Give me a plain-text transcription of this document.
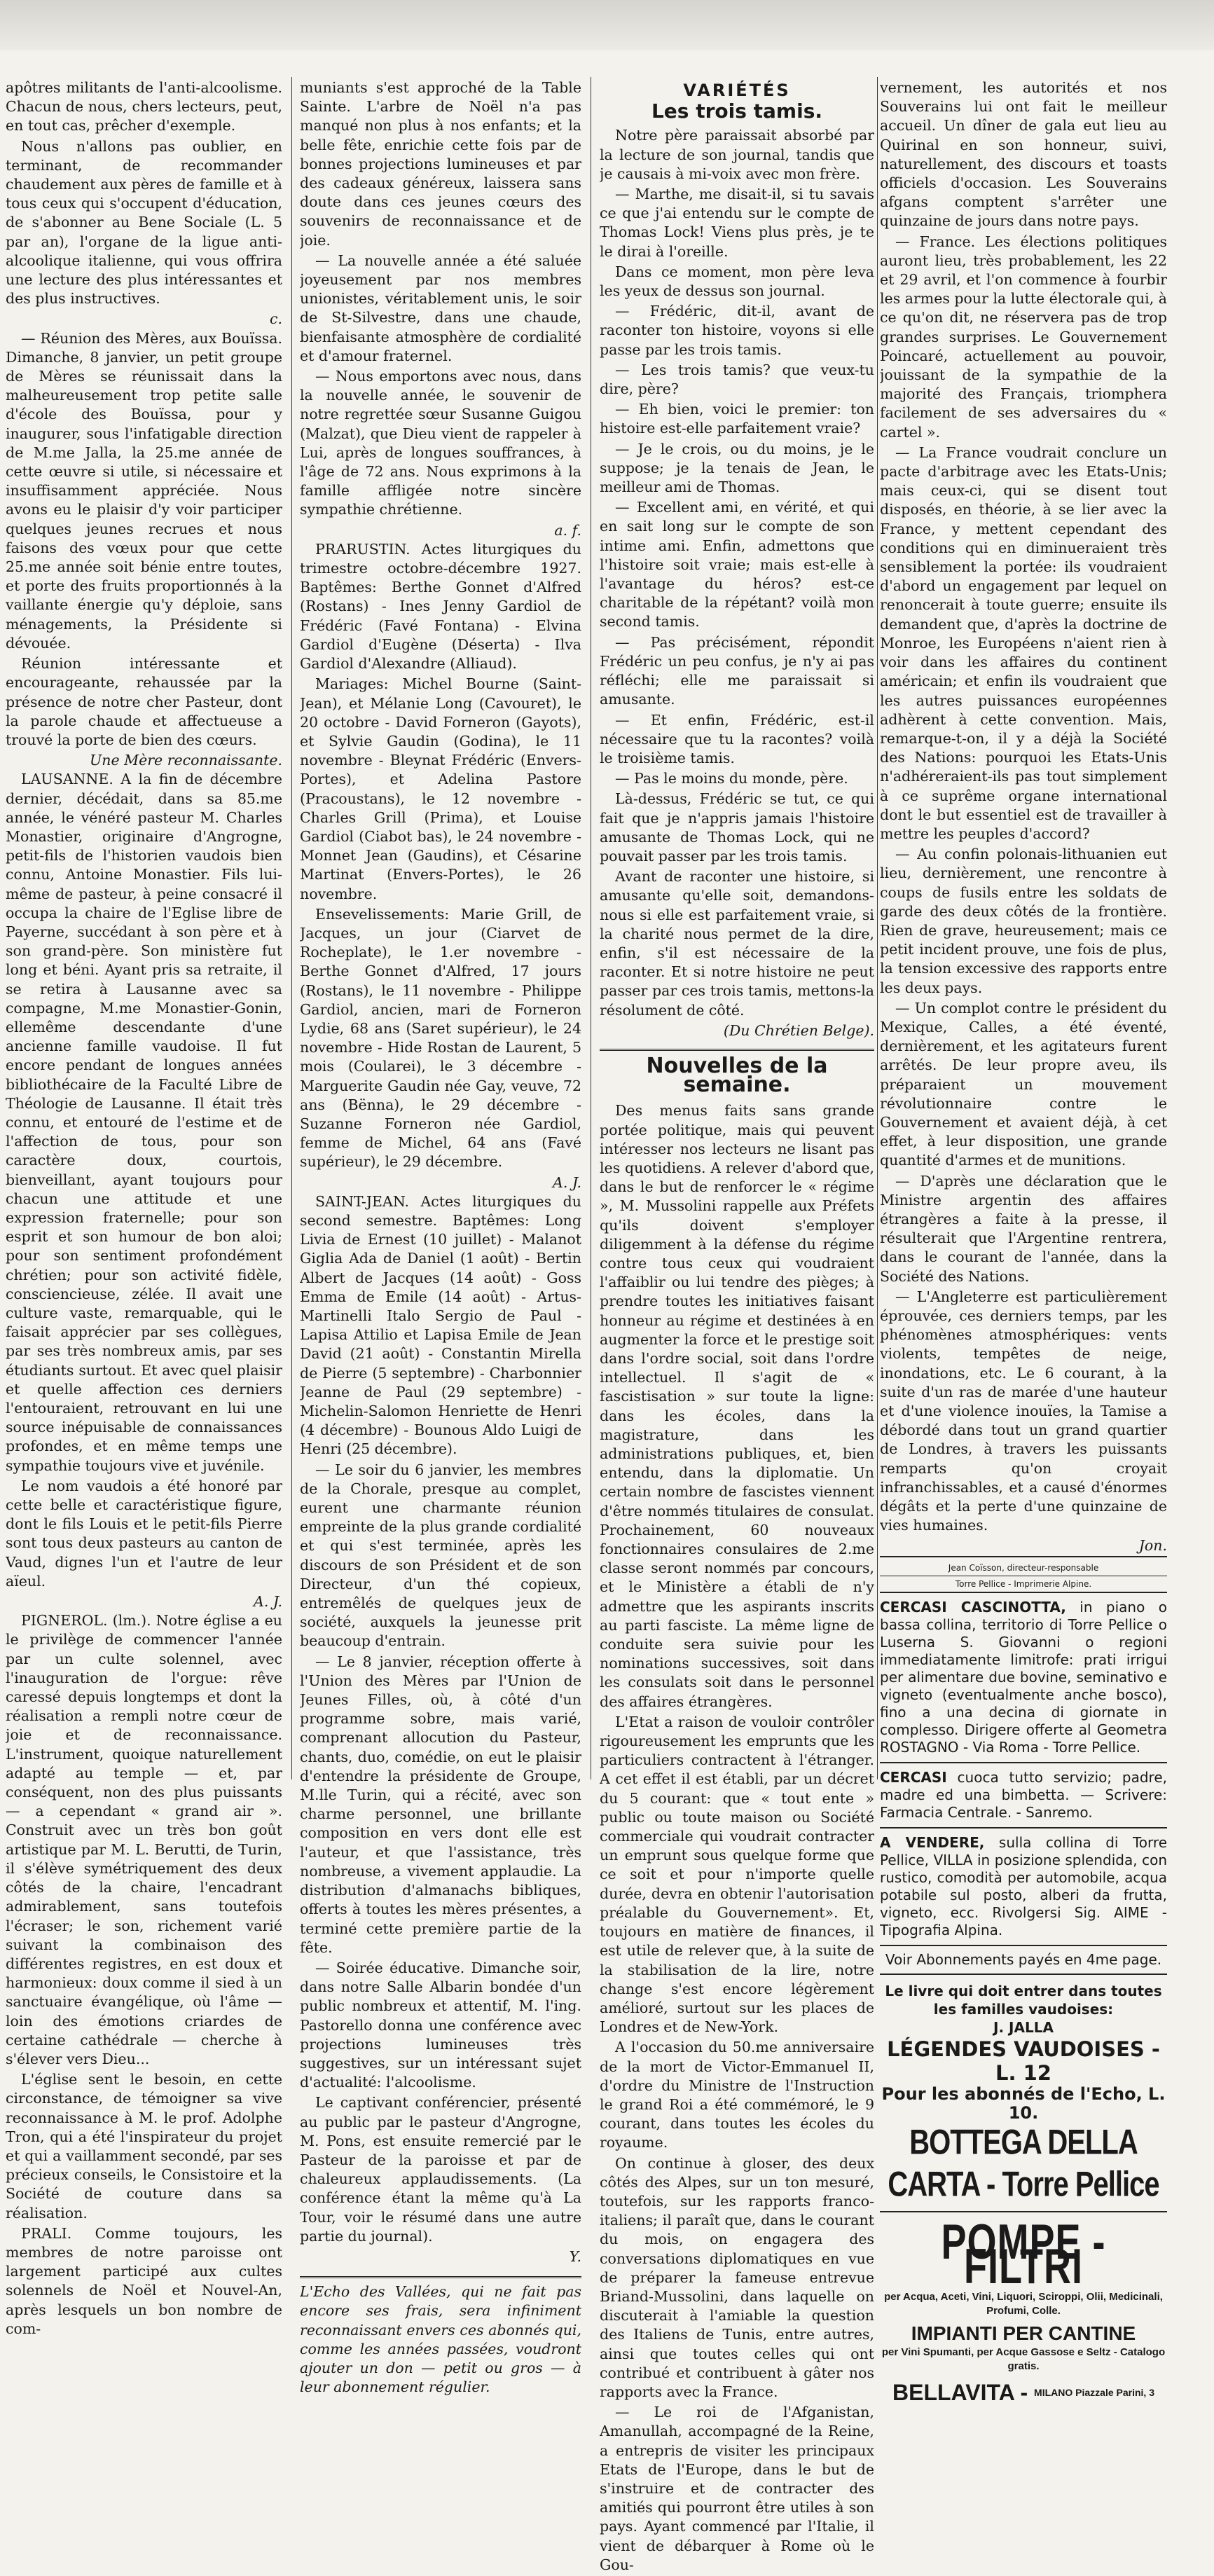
apôtres militants de l'anti-alcoolisme. Chacun de nous, chers lecteurs, peut, en tout cas, prêcher d'exemple.

Nous n'allons pas oublier, en terminant, de recommander chaudement aux pères de famille et à tous ceux qui s'occupent d'éducation, de s'abonner au Bene Sociale (L. 5 par an), l'organe de la ligue anti-alcoolique italienne, qui vous offrira une lecture des plus intéressantes et des plus instructives.

c.

— Réunion des Mères, aux Bouïssa. Dimanche, 8 janvier, un petit groupe de Mères se réunissait dans la malheureusement trop petite salle d'école des Bouïssa, pour y inaugurer, sous l'infatigable direction de M.me Jalla, la 25.me année de cette œuvre si utile, si nécessaire et insuffisamment appréciée. Nous avons eu le plaisir d'y voir participer quelques jeunes recrues et nous faisons des vœux pour que cette 25.me année soit bénie entre toutes, et porte des fruits proportionnés à la vaillante énergie qu'y déploie, sans ménagements, la Présidente si dévouée.

Réunion intéressante et encourageante, rehaussée par la présence de notre cher Pasteur, dont la parole chaude et affectueuse a trouvé la porte de bien des cœurs.

Une Mère reconnaissante.

LAUSANNE. A la fin de décembre dernier, décédait, dans sa 85.me année, le vénéré pasteur M. Charles Monastier, originaire d'Angrogne, petit-fils de l'historien vaudois bien connu, Antoine Monastier. Fils lui-même de pasteur, à peine consacré il occupa la chaire de l'Eglise libre de Payerne, succédant à son père et à son grand-père. Son ministère fut long et béni. Ayant pris sa retraite, il se retira à Lausanne avec sa compagne, M.me Monastier-Gonin, ellemême descendante d'une ancienne famille vaudoise. Il fut encore pendant de longues années bibliothécaire de la Faculté Libre de Théologie de Lausanne. Il était très connu, et entouré de l'estime et de l'affection de tous, pour son caractère doux, courtois, bienveillant, ayant toujours pour chacun une attitude et une expression fraternelle; pour son esprit et son humour de bon aloi; pour son sentiment profondément chrétien; pour son activité fidèle, consciencieuse, zélée. Il avait une culture vaste, remarquable, qui le faisait apprécier par ses collègues, par ses très nombreux amis, par ses étudiants surtout. Et avec quel plaisir et quelle affection ces derniers l'entouraient, retrouvant en lui une source inépuisable de connaissances profondes, et en même temps une sympathie toujours vive et juvénile.

Le nom vaudois a été honoré par cette belle et caractéristique figure, dont le fils Louis et le petit-fils Pierre sont tous deux pasteurs au canton de Vaud, dignes l'un et l'autre de leur aïeul.

A. J.

PIGNEROL. (lm.). Notre église a eu le privilège de commencer l'année par un culte solennel, avec l'inauguration de l'orgue: rêve caressé depuis longtemps et dont la réalisation a rempli notre cœur de joie et de reconnaissance. L'instrument, quoique naturellement adapté au temple — et, par conséquent, non des plus puissants — a cependant « grand air ». Construit avec un très bon goût artistique par M. L. Berutti, de Turin, il s'élève symétriquement des deux côtés de la chaire, l'encadrant admirablement, sans toutefois l'écraser; le son, richement varié suivant la combinaison des différentes registres, en est doux et harmonieux: doux comme il sied à un sanctuaire évangélique, où l'âme — loin des émotions criardes de certaine cathédrale — cherche à s'élever vers Dieu...

L'église sent le besoin, en cette circonstance, de témoigner sa vive reconnaissance à M. le prof. Adolphe Tron, qui a été l'inspirateur du projet et qui a vaillamment secondé, par ses précieux conseils, le Consistoire et la Société de couture dans sa réalisation.

PRALI. Comme toujours, les membres de notre paroisse ont largement participé aux cultes solennels de Noël et Nouvel-An, après lesquels un bon nombre de com-

muniants s'est approché de la Table Sainte. L'arbre de Noël n'a pas manqué non plus à nos enfants; et la belle fête, enrichie cette fois par de bonnes projections lumineuses et par des cadeaux généreux, laissera sans doute dans ces jeunes cœurs des souvenirs de reconnaissance et de joie.

— La nouvelle année a été saluée joyeusement par nos membres unionistes, véritablement unis, le soir de St-Silvestre, dans une chaude, bienfaisante atmosphère de cordialité et d'amour fraternel.

— Nous emportons avec nous, dans la nouvelle année, le souvenir de notre regrettée sœur Susanne Guigou (Malzat), que Dieu vient de rappeler à Lui, après de longues souffrances, à l'âge de 72 ans. Nous exprimons à la famille affligée notre sincère sympathie chrétienne.

a. f.

PRARUSTIN. Actes liturgiques du trimestre octobre-décembre 1927. Baptêmes: Berthe Gonnet d'Alfred (Rostans) - Ines Jenny Gardiol de Frédéric (Favé Fontana) - Elvina Gardiol d'Eugène (Déserta) - Ilva Gardiol d'Alexandre (Alliaud).

Mariages: Michel Bourne (Saint-Jean), et Mélanie Long (Cavouret), le 20 octobre - David Forneron (Gayots), et Sylvie Gaudin (Godina), le 11 novembre - Bleynat Frédéric (Envers-Portes), et Adelina Pastore (Pracoustans), le 12 novembre - Charles Grill (Prima), et Louise Gardiol (Ciabot bas), le 24 novembre - Monnet Jean (Gaudins), et Césarine Martinat (Envers-Portes), le 26 novembre.

Ensevelissements: Marie Grill, de Jacques, un jour (Ciarvet de Rocheplate), le 1.er novembre - Berthe Gonnet d'Alfred, 17 jours (Rostans), le 11 novembre - Philippe Gardiol, ancien, mari de Forneron Lydie, 68 ans (Saret supérieur), le 24 novembre - Hide Rostan de Laurent, 5 mois (Coularei), le 3 décembre - Marguerite Gaudin née Gay, veuve, 72 ans (Bënna), le 29 décembre - Suzanne Forneron née Gardiol, femme de Michel, 64 ans (Favé supérieur), le 29 décembre.

A. J.

SAINT-JEAN. Actes liturgiques du second semestre. Baptêmes: Long Livia de Ernest (10 juillet) - Malanot Giglia Ada de Daniel (1 août) - Bertin Albert de Jacques (14 août) - Goss Emma de Emile (14 août) - Artus-Martinelli Italo Sergio de Paul - Lapisa Attilio et Lapisa Emile de Jean David (21 août) - Constantin Mirella de Pierre (5 septembre) - Charbonnier Jeanne de Paul (29 septembre) - Michelin-Salomon Henriette de Henri (4 décembre) - Bounous Aldo Luigi de Henri (25 décembre).

— Le soir du 6 janvier, les membres de la Chorale, presque au complet, eurent une charmante réunion empreinte de la plus grande cordialité et qui s'est terminée, après les discours de son Président et de son Directeur, d'un thé copieux, entremêlés de quelques jeux de société, auxquels la jeunesse prit beaucoup d'entrain.

— Le 8 janvier, réception offerte à l'Union des Mères par l'Union de Jeunes Filles, où, à côté d'un programme sobre, mais varié, comprenant allocution du Pasteur, chants, duo, comédie, on eut le plaisir d'entendre la présidente de Groupe, M.lle Turin, qui a récité, avec son charme personnel, une brillante composition en vers dont elle est l'auteur, et que l'assistance, très nombreuse, a vivement applaudie. La distribution d'almanachs bibliques, offerts à toutes les mères présentes, a terminé cette première partie de la fête.

— Soirée éducative. Dimanche soir, dans notre Salle Albarin bondée d'un public nombreux et attentif, M. l'ing. Pastorello donna une conférence avec projections lumineuses très suggestives, sur un intéressant sujet d'actualité: l'alcoolisme.

Le captivant conférencier, présenté au public par le pasteur d'Angrogne, M. Pons, est ensuite remercié par le Pasteur de la paroisse et par de chaleureux applaudissements. (La conférence étant la même qu'à La Tour, voir le résumé dans une autre partie du journal).

Y.
L'Echo des Vallées, qui ne fait pas encore ses frais, sera infiniment reconnaissant envers ces abonnés qui, comme les années passées, voudront ajouter un don — petit ou gros — à leur abonnement régulier.
VARIÉTÉS
Les trois tamis.

Notre père paraissait absorbé par la lecture de son journal, tandis que je causais à mi-voix avec mon frère.

— Marthe, me disait-il, si tu savais ce que j'ai entendu sur le compte de Thomas Lock! Viens plus près, je te le dirai à l'oreille.

Dans ce moment, mon père leva les yeux de dessus son journal.

— Frédéric, dit-il, avant de raconter ton histoire, voyons si elle passe par les trois tamis.

— Les trois tamis? que veux-tu dire, père?

— Eh bien, voici le premier: ton histoire est-elle parfaitement vraie?

— Je le crois, ou du moins, je le suppose; je la tenais de Jean, le meilleur ami de Thomas.

— Excellent ami, en vérité, et qui en sait long sur le compte de son intime ami. Enfin, admettons que l'histoire soit vraie; mais est-elle à l'avantage du héros? est-ce charitable de la répétant? voilà mon second tamis.

— Pas précisément, répondit Frédéric un peu confus, je n'y ai pas réfléchi; elle me paraissait si amusante.

— Et enfin, Frédéric, est-il nécessaire que tu la racontes? voilà le troisième tamis.

— Pas le moins du monde, père.

Là-dessus, Frédéric se tut, ce qui fait que je n'appris jamais l'histoire amusante de Thomas Lock, qui ne pouvait passer par les trois tamis.

Avant de raconter une histoire, si amusante qu'elle soit, demandons-nous si elle est parfaitement vraie, si la charité nous permet de la dire, enfin, s'il est nécessaire de la raconter. Et si notre histoire ne peut passer par ces trois tamis, mettons-la résolument de côté.

(Du Chrétien Belge).
Nouvelles de la semaine.

Des menus faits sans grande portée politique, mais qui peuvent intéresser nos lecteurs ne lisant pas les quotidiens. A relever d'abord que, dans le but de renforcer le « régime », M. Mussolini rappelle aux Préfets qu'ils doivent s'employer diligemment à la défense du régime contre tous ceux qui voudraient l'affaiblir ou lui tendre des pièges; à prendre toutes les initiatives faisant honneur au régime et destinées à en augmenter la force et le prestige soit dans l'ordre social, soit dans l'ordre intellectuel. Il s'agit de « fascistisation » sur toute la ligne: dans les écoles, dans la magistrature, dans les administrations publiques, et, bien entendu, dans la diplomatie. Un certain nombre de fascistes viennent d'être nommés titulaires de consulat. Prochainement, 60 nouveaux fonctionnaires consulaires de 2.me classe seront nommés par concours, et le Ministère a établi de n'y admettre que les aspirants inscrits au parti fasciste. La même ligne de conduite sera suivie pour les nominations successives, soit dans les consulats soit dans le personnel des affaires étrangères.

L'Etat a raison de vouloir contrôler rigoureusement les emprunts que les particuliers contractent à l'étranger. A cet effet il est établi, par un décret du 5 courant: que « tout ente » public ou toute maison ou Société commerciale qui voudrait contracter un emprunt sous quelque forme que ce soit et pour n'importe quelle durée, devra en obtenir l'autorisation préalable du Gouvernement». Et, toujours en matière de finances, il est utile de relever que, à la suite de la stabilisation de la lire, notre change s'est encore légèrement amélioré, surtout sur les places de Londres et de New-York.

A l'occasion du 50.me anniversaire de la mort de Victor-Emmanuel II, d'ordre du Ministre de l'Instruction le grand Roi a été commémoré, le 9 courant, dans toutes les écoles du royaume.

On continue à gloser, des deux côtés des Alpes, sur un ton mesuré, toutefois, sur les rapports franco-italiens; il paraît que, dans le courant du mois, on engagera des conversations diplomatiques en vue de préparer la fameuse entrevue Briand-Mussolini, dans laquelle on discuterait à l'amiable la question des Italiens de Tunis, entre autres, ainsi que toutes celles qui ont contribué et contribuent à gâter nos rapports avec la France.

— Le roi de l'Afganistan, Amanullah, accompagné de la Reine, a entrepris de visiter les principaux Etats de l'Europe, dans le but de s'instruire et de contracter des amitiés qui pourront être utiles à son pays. Ayant commencé par l'Italie, il vient de débarquer à Rome où le Gou-

vernement, les autorités et nos Souverains lui ont fait le meilleur accueil. Un dîner de gala eut lieu au Quirinal en son honneur, suivi, naturellement, des discours et toasts officiels d'occasion. Les Souverains afgans comptent s'arrêter une quinzaine de jours dans notre pays.

— France. Les élections politiques auront lieu, très probablement, les 22 et 29 avril, et l'on commence à fourbir les armes pour la lutte électorale qui, à ce qu'on dit, ne réservera pas de trop grandes surprises. Le Gouvernement Poincaré, actuellement au pouvoir, jouissant de la sympathie de la majorité des Français, triomphera facilement de ses adversaires du « cartel ».

— La France voudrait conclure un pacte d'arbitrage avec les Etats-Unis; mais ceux-ci, qui se disent tout disposés, en théorie, à se lier avec la France, y mettent cependant des conditions qui en diminueraient très sensiblement la portée: ils voudraient d'abord un engagement par lequel on renoncerait à toute guerre; ensuite ils demandent que, d'après la doctrine de Monroe, les Européens n'aient rien à voir dans les affaires du continent américain; et enfin ils voudraient que les autres puissances européennes adhèrent à cette convention. Mais, remarque-t-on, il y a déjà la Société des Nations: pourquoi les Etats-Unis n'adhéreraient-ils pas tout simplement à ce suprême organe international dont le but essentiel est de travailler à mettre les peuples d'accord?

— Au confin polonais-lithuanien eut lieu, dernièrement, une rencontre à coups de fusils entre les soldats de garde des deux côtés de la frontière. Rien de grave, heureusement; mais ce petit incident prouve, une fois de plus, la tension excessive des rapports entre les deux pays.

— Un complot contre le président du Mexique, Calles, a été éventé, dernièrement, et les agitateurs furent arrêtés. De leur propre aveu, ils préparaient un mouvement révolutionnaire contre le Gouvernement et avaient déjà, à cet effet, à leur disposition, une grande quantité d'armes et de munitions.

— D'après une déclaration que le Ministre argentin des affaires étrangères a faite à la presse, il résulterait que l'Argentine rentrera, dans le courant de l'année, dans la Société des Nations.

— L'Angleterre est particulièrement éprouvée, ces derniers temps, par les phénomènes atmosphériques: vents violents, tempêtes de neige, inondations, etc. Le 6 courant, à la suite d'un ras de marée d'une hauteur et d'une violence inouïes, la Tamise a débordé dans tout un grand quartier de Londres, à travers les puissants remparts qu'on croyait infranchissables, et a causé d'énormes dégâts et la perte d'une quinzaine de vies humaines.

Jon.
Jean Coïsson, directeur-responsable
Torre Pellice - Imprimerie Alpine.
CERCASI CASCINOTTA, in piano o bassa collina, territorio di Torre Pellice o Luserna S. Giovanni o regioni immediatamente limitrofe: prati irrigui per alimentare due bovine, seminativo e vigneto (eventualmente anche bosco), fino a una decina di giornate in complesso. Dirigere offerte al Geometra ROSTAGNO - Via Roma - Torre Pellice.
CERCASI cuoca tutto servizio; padre, madre ed una bimbetta. — Scrivere: Farmacia Centrale. - Sanremo.
A VENDERE, sulla collina di Torre Pellice, VILLA in posizione splendida, con rustico, comodità per automobile, acqua potabile sul posto, alberi da frutta, vigneto, ecc. Rivolgersi Sig. AIME - Tipografia Alpina.
Voir Abonnements payés en 4me page.
Le livre qui doit entrer dans toutes les familles vaudoises:
J. JALLA
LÉGENDES VAUDOISES - L. 12
Pour les abonnés de l'Echo, L. 10.
BOTTEGA DELLA CARTA - Torre Pellice
POMPE - FILTRI
per Acqua, Aceti, Vini, Liquori, Sciroppi, Olii, Medicinali, Profumi, Colle.
IMPIANTI PER CANTINE
per Vini Spumanti, per Acque Gassose e Seltz - Catalogo gratis.
BELLAVITA - $^{MILANO Piazzale Parini, 3}$
